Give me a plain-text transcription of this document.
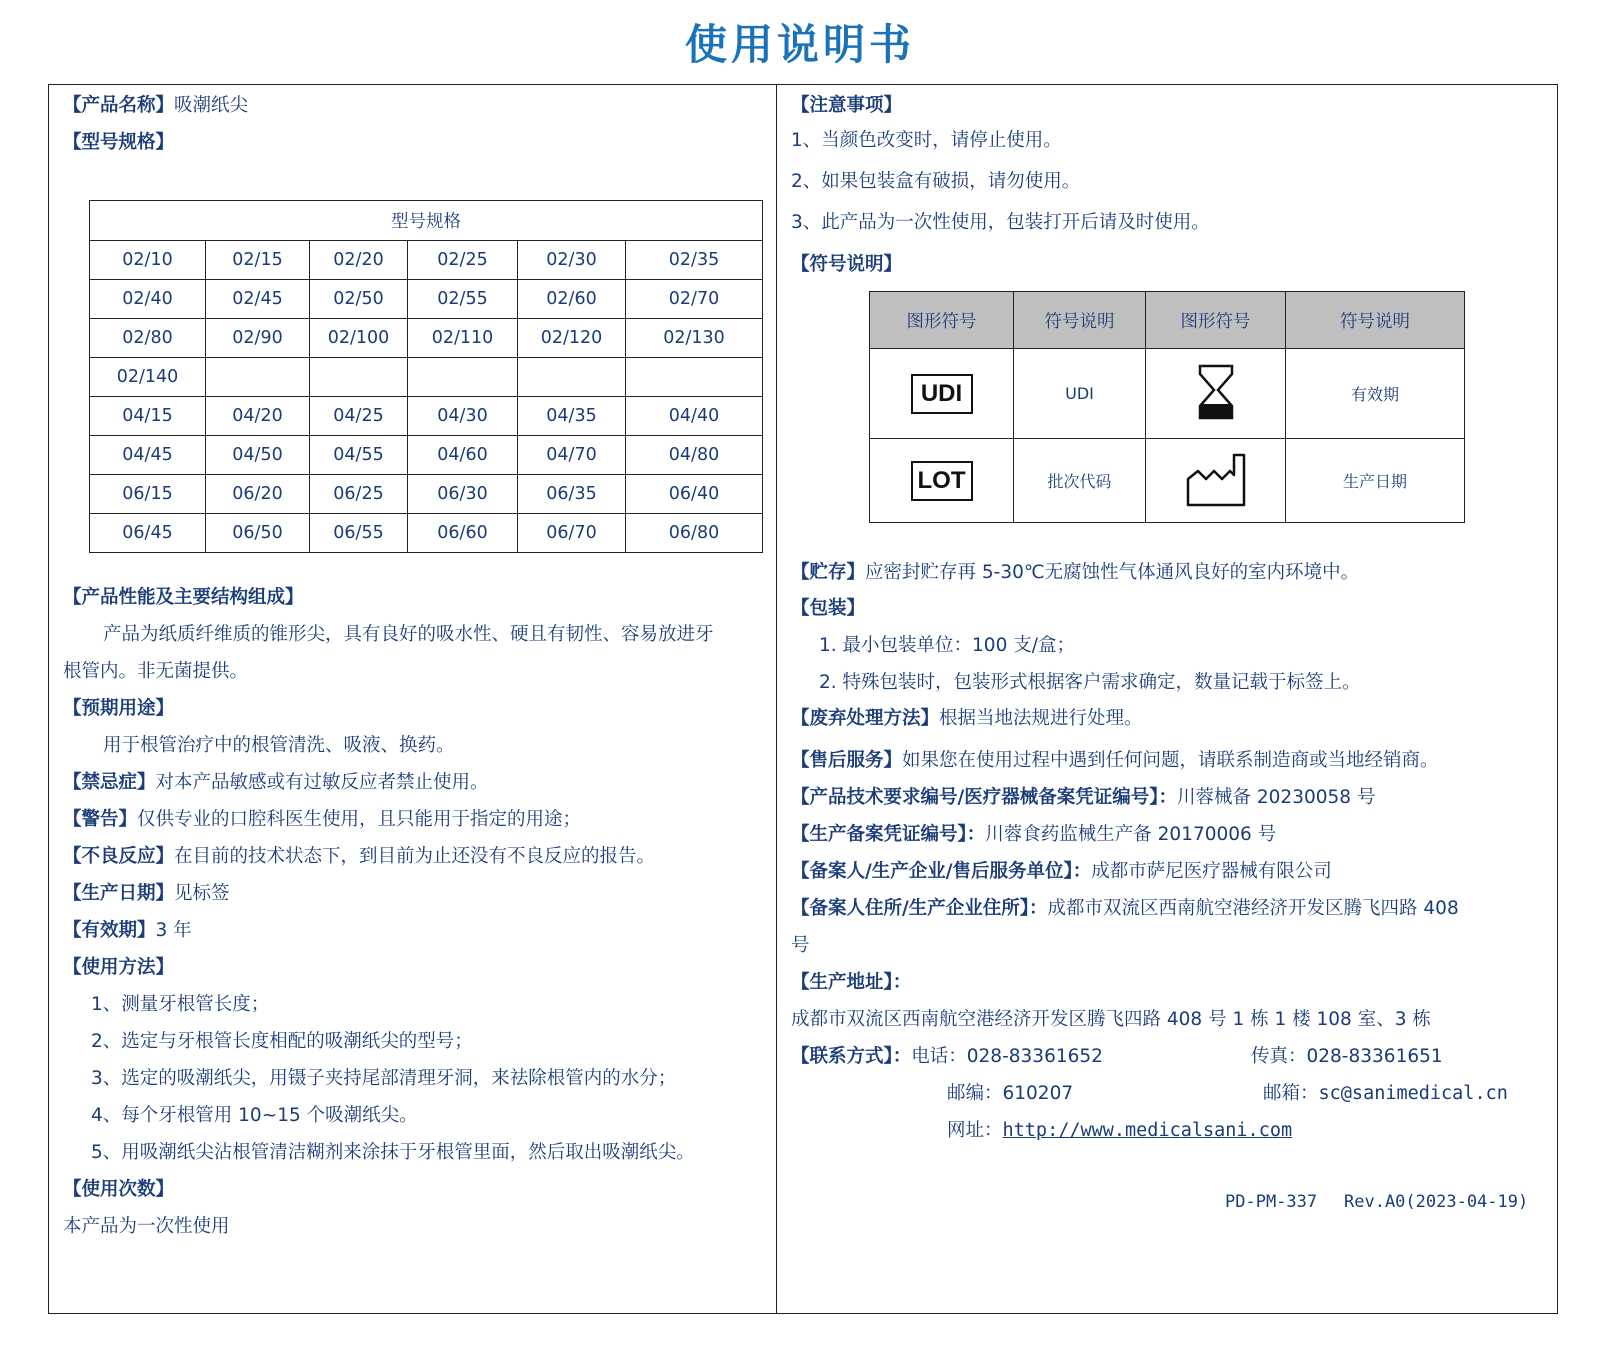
使用说明书
【产品名称】吸潮纸尖
【型号规格】
型号规格					
02/10	02/15	02/20	02/25	02/30	02/35
02/40	02/45	02/50	02/55	02/60	02/70
02/80	02/90	02/100	02/110	02/120	02/130
02/140					
04/15	04/20	04/25	04/30	04/35	04/40
04/45	04/50	04/55	04/60	04/70	04/80
06/15	06/20	06/25	06/30	06/35	06/40
06/45	06/50	06/55	06/60	06/70	06/80
【产品性能及主要结构组成】
产品为纸质纤维质的锥形尖，具有良好的吸水性、硬且有韧性、容易放进牙
根管内。非无菌提供。
【预期用途】
用于根管治疗中的根管清洗、吸液、换药。
【禁忌症】对本产品敏感或有过敏反应者禁止使用。
【警告】仅供专业的口腔科医生使用，且只能用于指定的用途；
【不良反应】在目前的技术状态下，到目前为止还没有不良反应的报告。
【生产日期】见标签
【有效期】3 年
【使用方法】
1、测量牙根管长度；
2、选定与牙根管长度相配的吸潮纸尖的型号；
3、选定的吸潮纸尖，用镊子夹持尾部清理牙洞，来祛除根管内的水分；
4、每个牙根管用 10~15 个吸潮纸尖。
5、用吸潮纸尖沾根管清洁糊剂来涂抹于牙根管里面，然后取出吸潮纸尖。
【使用次数】
本产品为一次性使用
【注意事项】
1、当颜色改变时，请停止使用。
2、如果包装盒有破损，请勿使用。
3、此产品为一次性使用，包装打开后请及时使用。
【符号说明】
图形符号	符号说明	图形符号	符号说明
UDI	UDI		有效期
LOT	批次代码		生产日期
【贮存】应密封贮存再 5-30℃无腐蚀性气体通风良好的室内环境中。
【包装】
1. 最小包装单位：100 支/盒；
2. 特殊包装时，包装形式根据客户需求确定，数量记载于标签上。
【废弃处理方法】根据当地法规进行处理。
【售后服务】如果您在使用过程中遇到任何问题，请联系制造商或当地经销商。
【产品技术要求编号/医疗器械备案凭证编号】：川蓉械备 20230058 号
【生产备案凭证编号】：川蓉食药监械生产备 20170006 号
【备案人/生产企业/售后服务单位】：成都市萨尼医疗器械有限公司
【备案人住所/生产企业住所】：成都市双流区西南航空港经济开发区腾飞四路 408
号
【生产地址】：
成都市双流区西南航空港经济开发区腾飞四路 408 号 1 栋 1 楼 108 室、3 栋
【联系方式】：电话：028-83361652	传真：028-83361651
邮编：610207	邮箱：sc@sanimedical.cn
网址：http://www.medicalsani.com
PD-PM-337 Rev.A0(2023-04-19)
